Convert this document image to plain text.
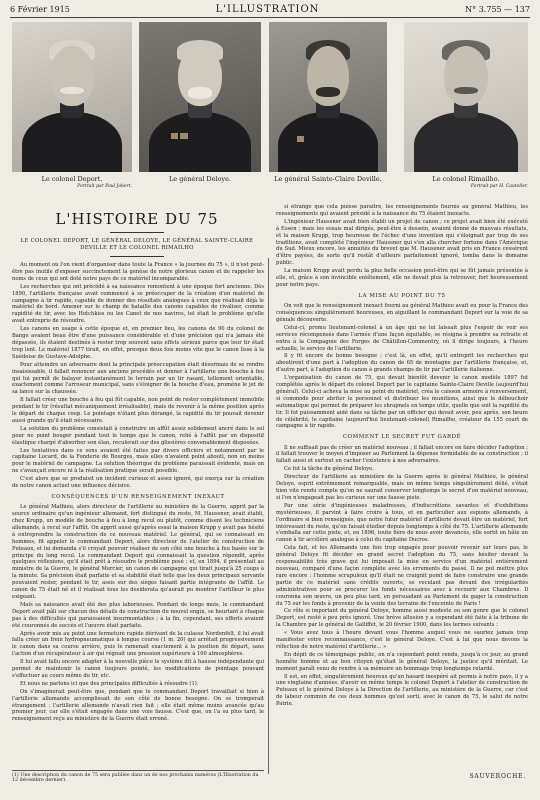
6 Février 1915	L'ILLUSTRATION	N° 3.755 — 137
Le colonel Deport.
Portrait par Paul Jobert.
Le général Deloye.	Le général Sainte-Claire Deville.	Le colonel Rimailho.
Portrait par H. Cautelier.
L'HISTOIRE DU 75
LE COLONEL DEPORT, LE GÉNÉRAL DELOYE, LE GÉNÉRAL SAINTE-CLAIRE DEVILLE ET LE COLONEL RIMAILHO

Au moment où l'on vient d'organiser dans toute la France « la journée du 75 », il n'est peut-être pas inutile d'exposer succinctement la genèse de notre glorieux canon et de rappeler les noms de ceux qui ont doté notre pays de ce matériel incomparable.

Les recherches qui ont précédé à sa naissance remontent à une époque fort ancienne. Dès 1890, l'artillerie française avait commencé à se préoccuper de la création d'un matériel de campagne à tir rapide, capable de donner des résultats analogues à ceux que réalisait déjà le matériel de bord. Amener sur le champ de bataille des canons capables de rivaliser, comme rapidité de tir, avec les Hotchkiss ou les Canet de nos navires, tel était le problème qu'elle avait entrepris de résoudre.

Les canons en usage à cette époque et, en premier lieu, les canons de 90 du colonel de Bange avaient beau être d'une puissance considérable et d'une précision qui n'a jamais été dépassée, ils étaient destinés à rester trop souvent sans effets sérieux parce que leur tir était trop lent. Le matériel 1877 tirait, en effet, presque deux fois moins vite que le canon lisse à la Suédoise de Gustave-Adolphe.

Pour atteindre un adversaire dont la principale préoccupation était désormais de se rendre insaisissable, il fallait renoncer aux anciens procédés et donner à l'artillerie une bouche à feu qui lui permît de balayer instantanément le terrain par un tir rasant, tellement orientable, exactement comme l'arroseur municipal, sans s'éloigner de la bouche d'eau, promène le jet de sa lance sur la chaussée.

Il fallait créer une bouche à feu qui fût capable, non point de rester complètement immobile pendant le tir (résultat mécaniquement irréalisable), mais de revenir à la même position après le départ de chaque coup. Le pointage n'étant plus dérangé, la rapidité du tir pouvait devenir aussi grande qu'il était nécessaire.

La solution du problème consistait à construire un affût assez solidement ancré dans le sol pour ne point bouger pendant tout le temps que le canon, relié à l'affût par un dispositif élastique chargé d'absorber son élan, reculerait sur des glissières convenablement disposées.

Les tentatives dans ce sens avaient été faites par divers officiers et notamment par le capitaine Locard, de la Fonderie de Bourges, mais elles n'avaient point abouti, non en moins pour le matériel de campagne. La solution théorique du problème paraissait évidente, mais on ne s'avançait encore ni à la réalisation pratique serait possible.

C'est alors que se produisit un incident curieux et assez ignoré, qui exerça sur la création de notre canon actuel une influence décisive.

CONSÉQUENCES D'UN RENSEIGNEMENT INEXACT

Le général Mathieu, alors directeur de l'artillerie au ministère de la Guerre, apprit par la source ordinaire qu'un ingénieur allemand, fort distingué du reste, M. Haussner, avait établi, chez Krupp, un modèle de bouche à feu à long recul ou plutôt, comme disent les techniciens allemands, à recul sur l'affût. On apprit aussi qu'après essai la maison Krupp y avait pas hésité à entreprendre la construction de ce nouveau matériel. Le général, qui se connaissait en hommes, fit appeler le commandant Deport, alors directeur de l'atelier de construction de Puteaux, et lui demanda s'il croyait pouvoir réaliser de son côté une bouche à feu basée sur le principe du long recul. Le commandant Deport qui connaissait la question répondit, après quelques réflexions, qu'il était prêt à résoudre le problème posé ; et, en 1894, il présentait au ministre de la Guerre, le général Mercier, un canon de campagne qui tirait jusqu'à 25 coups à la minute. Sa précision était parfaite et sa stabilité était telle que les deux principaux servants pouvaient rester, pendant le tir, assis sur des sièges faisant partie intégrante de l'affût. Le canon de 75 était né et il réalisait tous les desiderata qu'aurait pu montrer l'artilleur le plus exigeant.

Mais sa naissance avait été des plus laborieuses. Pendant de longs mois, le commandant Deport avait pâli sur chacun des détails de construction du nouvel engin, se heurtant à chaque pas à des difficultés qui paraissaient insurmontables ; à la fin, cependant, ses efforts avaient été couronnés de succès et l'œuvre était parfaite.

Après avoir mis au point une fermeture rapide dérivant de la culasse Nordenfelt, il lui avait fallu créer un frein hydropneumatique à longue course (1 m. 20) qui arrêtait progressivement le canon dans sa course arrière, puis le ramenait exactement à la position de départ, sans l'action d'un récupérateur à air qui régnait une pression supérieure à 100 atmosphères.

Il lui avait fallu encore adapter à la nouvelle pièce le système dit à hausse indépendante qui permet de maintenir le canon toujours pointé, les modifications de pointage pouvant s'effectuer au cours même du tir, etc.

Et nous ne parlons ici que des principales difficultés à résoudre (1).

On s'imaginerait peut-être que, pendant que le commandant Deport travaillait si bien à l'artillerie allemande accomplissait de son côté de bonne besogne. On se tromperait étrangement : l'artillerie allemande n'avait rien fait ; elle était même moins avancée qu'au premier jour, car elle s'était engagée dans une voie fausse. C'est que, on l'a su plus tard, le renseignement reçu au ministère de la Guerre était erroné.

si étrange que cela puisse paraître, les renseignements fournis au général Mathieu, les renseignements qui avaient présidé à la naissance du 75 étaient inexacts.

L'ingénieur Haussner avait bien établi un projet de canon ; ce projet avait bien été exécuté à Essen ; mais les essais mal dirigés, peut-être à dessein, avaient donné de mauvais résultats, et la maison Krupp, trop heureuse de l'échec d'une invention qui s'éloignait par trop de ses traditions, avait complété l'ingénieur Haussner qui s'en alla chercher fortune dans l'Amérique du Sud. Mieux encore, les annuités du brevet que M. Haussner avait pris en France cessèrent d'être payées, de sorte qu'il restât d'ailleurs parfaitement ignoré, tomba dans le domaine public.

La maison Krupp avait perdu la plus belle occasion peut-être qui se fût jamais présentée à elle, et, grâce à son invincible entêtement, elle ne devait plus la retrouver, fort heureusement pour notre pays.

LA MISE AU POINT DU 75

On voit que le renseignement inexact fourni au général Mathieu avait eu pour la France des conséquences singulièrement heureuses, en aiguillant le commandant Deport sur la voie de sa géniale découverte.

Celui-ci, promu lieutenant-colonel à un âge qui ne lui laissait plus l'espoir de voir ses services récompensés dans l'armée d'une façon équitable, se résigna à prendre sa retraite et entra à la Compagnie des Forges de Châtillon-Commentry, où il dirige toujours, à l'heure actuelle, le service de l'artillerie.

Il y fit encore de bonne besogne ; c'est là, en effet, qu'il entreprit les recherches qui aboutirent d'une part à l'adoption du canon de 65 de montagne par l'artillerie française, et, d'autre part, à l'adoption du canon à grands champs de tir par l'artillerie italienne.

L'organisation du canon de 75, qui devait bientôt devenir le canon modèle 1897 fut complétée après le départ du colonel Deport par le capitaine Sainte-Claire Deville (aujourd'hui général). Celui-ci acheva la mise au point du matériel, créa le caisson armoire à renversement, si commode pour abriter le personnel et distribuer les munitions, ainsi que le débouchoir automatique qui permet de préparer les shrapnels en temps utile, quelle que soit la rapidité du tir. Il fut puissamment aidé dans sa tâche par un officier qui devait avoir, peu après, son heure de célébrité, le capitaine (aujourd'hui lieutenant-colonel) Rimailho, créateur du 155 court de campagne à tir rapide.

COMMENT LE SECRET FUT GARDÉ

Il ne suffisait pas de créer un matériel nouveau ; il fallait encore en faire décider l'adoption ; il fallait trouver le moyen d'imposer au Parlement la dépense formidable de sa construction ; il fallait aussi et surtout en cacher l'existence à nos adversaires.

Ce fut la tâche du général Deloye.

Directeur de l'artillerie au ministère de la Guerre après le général Mathieu, le général Deloye, esprit extrêmement remarquable, mais un même temps singulièrement délié, s'était bien vite rendu compte qu'on ne saurait conserver longtemps le secret d'un matériel nouveau, si l'on n'engageait pas les curieux sur une fausse piste.

Par une série d'ingénieuses maladresses, d'indiscrétions savantes et d'exhibitions mystérieuses, il parvint à faire croire à tous, et en particulier aux espions allemands, à l'ordinaire si bien renseignés, que notre futur matériel d'artillerie devait être un matériel, fort intéressant du reste, qu'on faisait étudier depuis longtemps à côté du 75. L'artillerie allemande s'emballa sur cette piste, et, en 1896, toute fière de nous avoir devancés, elle sortit en hâte un canon à tir accéléré analogue à celui du capitaine Ducros.

Cela fait, et les Allemands une fois trop engagés pour pouvoir revenir sur leurs pas, le général Deloye fit décider en grand secret l'adoption du 75, sans hésiter devant la responsabilité très grave qui lui imposait la mise en service d'un matériel entièrement nouveau, comparé d'une façon complète avec les errements du passé. Il ne put mettre plus rare encore : l'homme scrupuleux qu'il était ne craignit point de faire construire une grande partie de ce matériel sans crédits ouverts, se reculant pas devant des irrégularités administratives pour se procurer les fonds nécessaires avec à recourir aux Chambres. Il couronna son œuvre, un peu plus tard, en persuadant au Parlement de gager la construction du 75 sur les fonds à provenir de la vente des terrains de l'enceinte de Paris !

Ce rôle si important du général Deloye, homme aussi modeste ou son genre que le colonel Deport, est resté à peu près ignoré. Une brève allusion y a cependant été faite à la tribune de la Chambre par le général de Galliffet, le 20 février 1900, dans les termes suivants :

« Vous avez tous à l'heure devant vous l'homme auquel vous ne sauriez jamais trop manifester votre reconnaissance, c'est le général Deloye. C'est à lui que nous devons la réfection de notre matériel d'artillerie... »

En dépit de ce témoignage public, on n'a cependant point rendu, jusqu'à ce jour, au grand honnête homme et au bon citoyen qu'était le général Deloye, la justice qu'il méritait. Le moment paraît venu de rendre à sa mémoire un hommage trop longtemps retardé.

Il est, en effet, singulièrement heureux qu'un hasard inespéré ait permis à notre pays, il y a une vingtaine d'années, d'avoir en même temps le colonel Deport à l'atelier de construction de Puteaux et le général Deloye à la Direction de l'artillerie, au ministère de la Guerre, car c'est de labeur commun de ces deux hommes qu'est sorti, avec le canon de 75, le salut de notre Patrie.

(1) Une description du canon de 75 sera publiée dans un de nos prochains numéros (L'Illustration du 12 décembre dernier).
SAUVEROCHE.
